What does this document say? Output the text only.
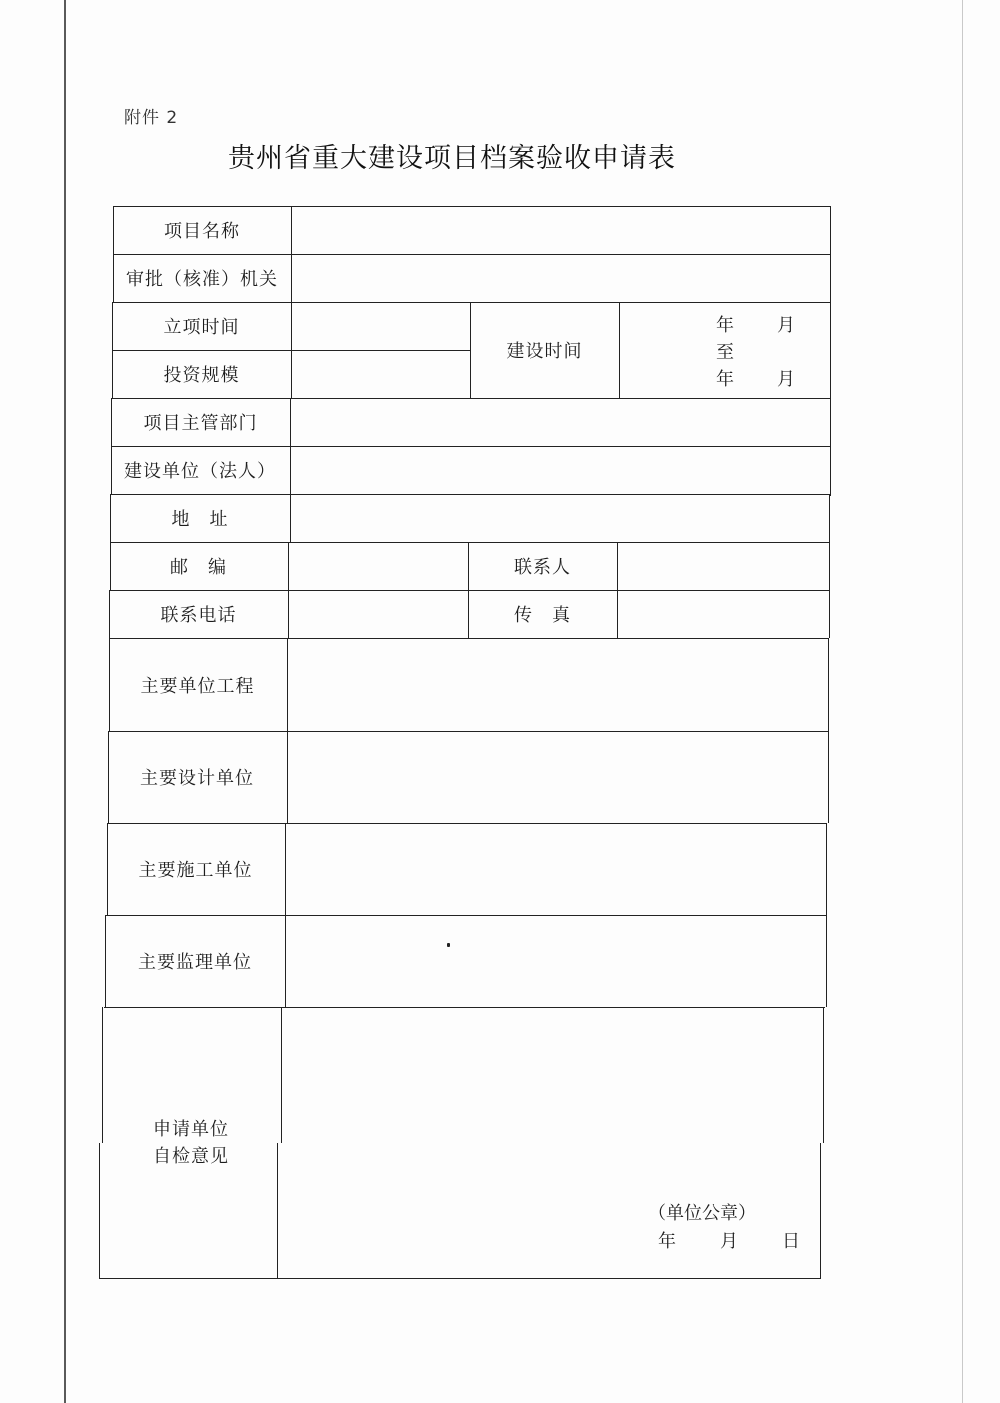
附件 2
贵州省重大建设项目档案验收申请表
项目名称
审批（核准）机关
立项时间
投资规模
建设时间
年 月
至
年 月
项目主管部门
建设单位（法人）
地　址
邮　编	联系人
联系电话	传　真
主要单位工程
主要设计单位
主要施工单位
主要监理单位
申请单位
自检意见
（单位公章）
年 月 日
